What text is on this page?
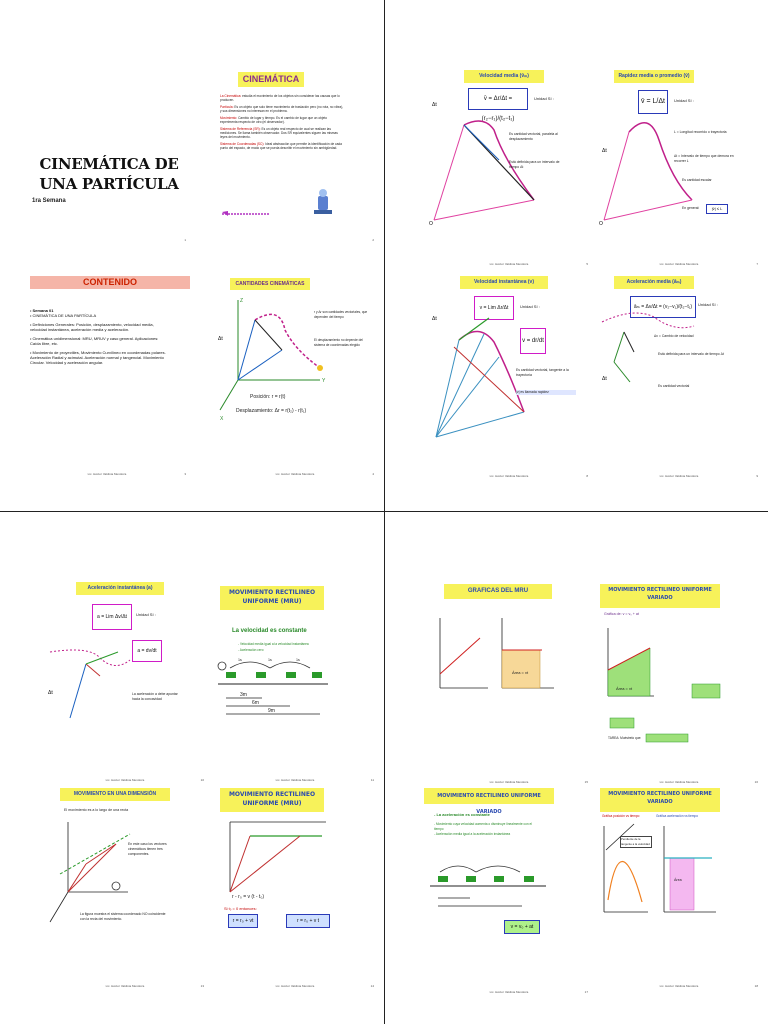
CINEMÁTICA DE UNA PARTÍCULA
1ra Semana
1
CINEMÁTICA

La Cinemática: estudia el movimiento de los objetos sin considerar las causas que lo producen.

Partícula: Es un objeto que solo tiene movimiento de traslación pero (no rota, no vibra), y sus dimensiones no interesan en el problema.

Movimiento: Cambio de lugar y tiempo. Es el cambio de lugar que un objeto experimenta respecto de otro (el observador).

Sistema de Referencia (SR): Es un objeto real respecto de cual se realizan las mediciones. Se llama también observador. Dos SR equivalentes siguen las mismas leyes del movimiento.

Sistema de Coordenadas (SC): Ideal abstracción que permite la identificación de cada punto del espacio, de modo que se pueda describir el movimiento sin ambigüedad.

2
CONTENIDO

• Semana 01
• CINEMÁTICA DE UNA PARTÍCULA

• Definiciones Generales: Posición, desplazamiento, velocidad media, velocidad instantánea, aceleración media y aceleración.

• Cinemática unidimensional: MRU, MRUV y caso general. Aplicaciones: Caída libre, etc.

• Movimiento de proyectiles, Movimiento Curvilíneo en coordenadas polares. Aceleración Radial y acimutal. Aceleración normal y tangencial. Movimiento Circular. Velocidad y aceleración angular.

Lic. Héctor Valdivia Mendoza	3
CANTIDADES CINEMÁTICAS
Z
Y
X
Δt
r y Δr son cantidades vectoriales, que dependen del tiempo
El desplazamiento no depende del sistema de coordenadas elegido
Posición: r = r(t)
Desplazamiento: Δr = r(t₂) - r(t₁)
Lic. Héctor Valdivia Mendoza	4
Velocidad media (v̄ₘ)
v̄ = Δr/Δt = (r₂−r₁)/(t₂−t₁)
Unidad SI :
Δt
O
Es cantidad vectorial, paralela al desplazamiento
Está definida para un intervalo de tiempo Δt
Lic. Héctor Valdivia Mendoza	5
Rapidez media o promedio (v̄)
v̄ = L/Δt	Unidad SI :
Δt
O
L = Longitud recorrido o trayectoria
Δt = Intervalo de tiempo que demora en recorrer L
Es cantidad escalar
En general:	|v̄| ≤ L
Lic. Héctor Valdivia Mendoza	7
Velocidad instantánea (v)
v = Lim Δr/Δt	Unidad SI :
v = dr/dt
Δt
Es cantidad vectorial, tangente a la trayectoria
|v| es llamada rapidez
Lic. Héctor Valdivia Mendoza	8
Aceleración media (āₘ)
āₘ = Δv/Δt = (v₂−v₁)/(t₂−t₁)	Unidad SI :
Δt
Δv = Cambio de velocidad
Está definida para un intervalo de tiempo Δt
Es cantidad vectorial
Lic. Héctor Valdivia Mendoza	9
Aceleración instantánea (a)
a = Lim Δv/Δt	Unidad SI :
a = dv/dt
Δt	La aceleración a debe apuntar hacia la concavidad
Lic. Héctor Valdivia Mendoza	10
MOVIMIENTO RECTILINEO UNIFORME (MRU)
La velocidad es constante
- Velocidad media igual a la velocidad instantánea
- Aceleración cero
1s	1s	1s
3m
6m
9m
Lic. Héctor Valdivia Mendoza	11
MOVIMIENTO EN UNA DIMENSIÓN
El movimiento es a lo largo de una recta
En este caso los vectores cinemáticos tienen tres componentes.
La figura muestra el sistema coordenado NO coincidente con la recta del movimiento.
Lic. Héctor Valdivia Mendoza	13
MOVIMIENTO RECTILINEO UNIFORME (MRU)
r - r₀ = v (t - t₀)
Si t₀ = 0 entonces:
r = r₀ + vt	r = r₀ + v t
Lic. Héctor Valdivia Mendoza	14
GRAFICAS DEL MRU
Área = vt
Lic. Héctor Valdivia Mendoza	15
MOVIMIENTO RECTILINEO UNIFORME VARIADO
Gráfica de: v = v₀ + at
Área = vt
TAREA: Muéstrelo que:
Lic. Héctor Valdivia Mendoza	16
MOVIMIENTO RECTILINEO UNIFORME VARIADO
- La aceleración es constante
- Movimiento cuya velocidad aumenta o disminuye linealmente con el tiempo
- Aceleración media igual a la aceleración instantánea
v = v₀ + at
Lic. Héctor Valdivia Mendoza	17
MOVIMIENTO RECTILINEO UNIFORME VARIADO
Gráfica posición vs tiempo	Gráfica aceleración vs tiempo
Pendiente de la tangente a la velocidad
Área
Lic. Héctor Valdivia Mendoza	18
